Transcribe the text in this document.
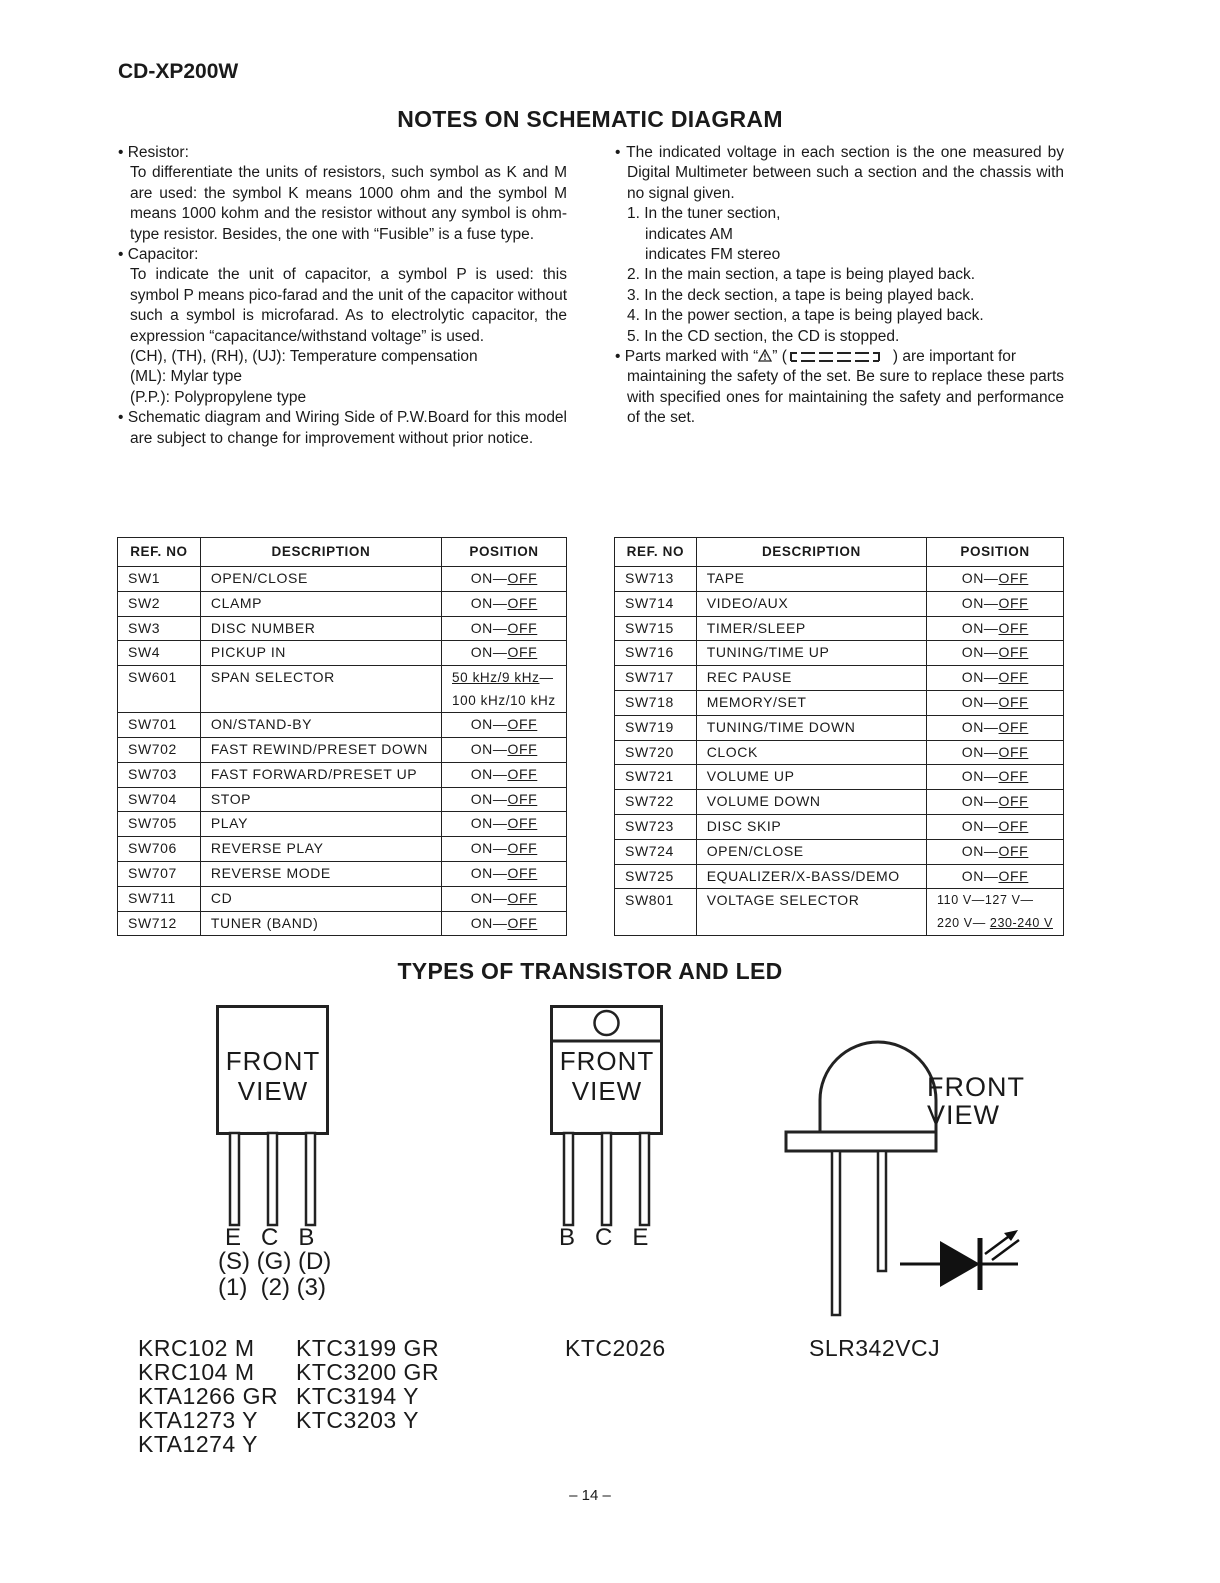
CD-XP200W
NOTES ON SCHEMATIC DIAGRAM

• Resistor:

To differentiate the units of resistors, such symbol as K and M are used: the symbol K means 1000 ohm and the symbol M means 1000 kohm and the resistor without any symbol is ohm-type resistor. Besides, the one with “Fusible” is a fuse type.

• Capacitor:

To indicate the unit of capacitor, a symbol P is used: this symbol P means pico-farad and the unit of the capacitor without such a symbol is microfarad. As to electrolytic capacitor, the expression “capacitance/withstand voltage” is used.

(CH), (TH), (RH), (UJ): Temperature compensation

(ML): Mylar type

(P.P.): Polypropylene type

• Schematic diagram and Wiring Side of P.W.Board for this model are subject to change for improvement without prior notice.

• The indicated voltage in each section is the one measured by Digital Multimeter between such a section and the chassis with no signal given.

1. In the tuner section,

indicates AM

indicates FM stereo

2. In the main section, a tape is being played back.

3. In the deck section, a tape is being played back.

4. In the power section, a tape is being played back.

5. In the CD section, the CD is stopped.

• Parts marked with “ ” (	) are important for

maintaining the safety of the set. Be sure to replace these parts with specified ones for maintaining the safety and performance of the set.

REF. NO	DESCRIPTION	POSITION
SW1	OPEN/CLOSE	ON—OFF
SW2	CLAMP	ON—OFF
SW3	DISC NUMBER	ON—OFF
SW4	PICKUP IN	ON—OFF
SW601	SPAN SELECTOR	50 kHz/9 kHz—
100 kHz/10 kHz
SW701	ON/STAND-BY	ON—OFF
SW702	FAST REWIND/PRESET DOWN	ON—OFF
SW703	FAST FORWARD/PRESET UP	ON—OFF
SW704	STOP	ON—OFF
SW705	PLAY	ON—OFF
SW706	REVERSE PLAY	ON—OFF
SW707	REVERSE MODE	ON—OFF
SW711	CD	ON—OFF
SW712	TUNER (BAND)	ON—OFF
REF. NO	DESCRIPTION	POSITION
SW713	TAPE	ON—OFF
SW714	VIDEO/AUX	ON—OFF
SW715	TIMER/SLEEP	ON—OFF
SW716	TUNING/TIME UP	ON—OFF
SW717	REC PAUSE	ON—OFF
SW718	MEMORY/SET	ON—OFF
SW719	TUNING/TIME DOWN	ON—OFF
SW720	CLOCK	ON—OFF
SW721	VOLUME UP	ON—OFF
SW722	VOLUME DOWN	ON—OFF
SW723	DISC SKIP	ON—OFF
SW724	OPEN/CLOSE	ON—OFF
SW725	EQUALIZER/X-BASS/DEMO	ON—OFF
SW801	VOLTAGE SELECTOR	110 V—127 V—
220 V— 230-240 V
TYPES OF TRANSISTOR AND LED
FRONT
VIEW
E   C   B
(S) (G) (D)
(1)  (2) (3)
FRONT
VIEW
B   C   E
FRONT
VIEW
KRC102 M
KRC104 M
KTA1266 GR
KTA1273 Y
KTA1274 Y
KTC3199 GR
KTC3200 GR
KTC3194 Y
KTC3203 Y
KTC2026	SLR342VCJ
– 14 –
